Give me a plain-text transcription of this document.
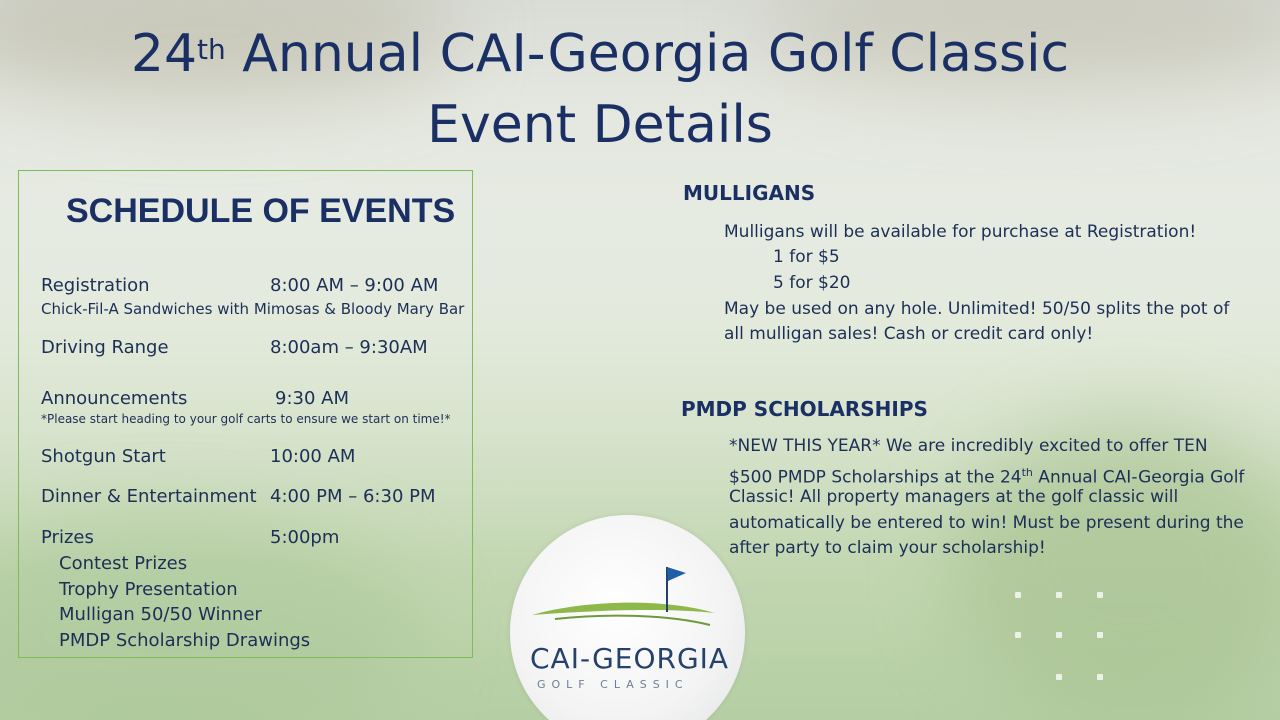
24th Annual CAI-Georgia Golf Classic
Event Details
SCHEDULE OF EVENTS
Registration	8:00 AM – 9:00 AM
Chick-Fil-A Sandwiches with Mimosas & Bloody Mary Bar
Driving Range	8:00am – 9:30AM
Announcements	9:30 AM
*Please start heading to your golf carts to ensure we start on time!*
Shotgun Start	10:00 AM
Dinner & Entertainment 4:00 PM – 6:30 PM
Prizes	5:00pm
Contest Prizes
Trophy Presentation
Mulligan 50/50 Winner
PMDP Scholarship Drawings
MULLIGANS
Mulligans will be available for purchase at Registration!
1 for $5
5 for $20
May be used on any hole. Unlimited! 50/50 splits the pot of
all mulligan sales! Cash or credit card only!
PMDP SCHOLARSHIPS
*NEW THIS YEAR* We are incredibly excited to offer TEN
$500 PMDP Scholarships at the 24th Annual CAI-Georgia Golf
Classic! All property managers at the golf classic will
automatically be entered to win! Must be present during the
after party to claim your scholarship!
CAI-GEORGIA
GOLF CLASSIC
